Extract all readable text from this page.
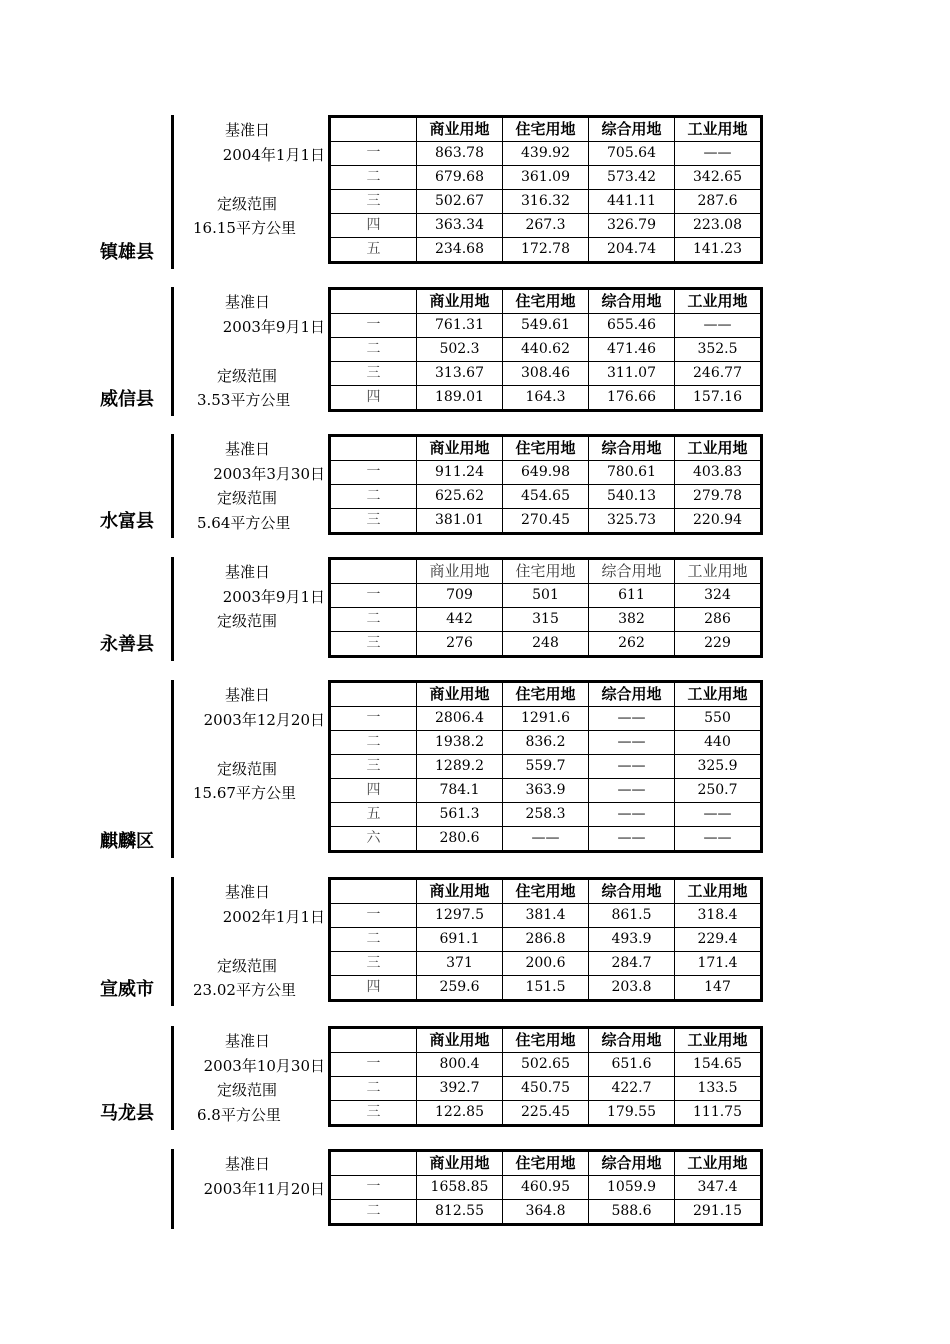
镇雄县
基准日
2004年1月1日
定级范围
16.15平方公里
	商业用地	住宅用地	综合用地	工业用地
一	863.78	439.92	705.64	——
二	679.68	361.09	573.42	342.65
三	502.67	316.32	441.11	287.6
四	363.34	267.3	326.79	223.08
五	234.68	172.78	204.74	141.23
威信县
基准日
2003年9月1日
定级范围
3.53平方公里
	商业用地	住宅用地	综合用地	工业用地
一	761.31	549.61	655.46	——
二	502.3	440.62	471.46	352.5
三	313.67	308.46	311.07	246.77
四	189.01	164.3	176.66	157.16
水富县
基准日
2003年3月30日
定级范围
5.64平方公里
	商业用地	住宅用地	综合用地	工业用地
一	911.24	649.98	780.61	403.83
二	625.62	454.65	540.13	279.78
三	381.01	270.45	325.73	220.94
永善县
基准日
2003年9月1日
定级范围
	商业用地	住宅用地	综合用地	工业用地
一	709	501	611	324
二	442	315	382	286
三	276	248	262	229
麒麟区
基准日
2003年12月20日
定级范围
15.67平方公里
	商业用地	住宅用地	综合用地	工业用地
一	2806.4	1291.6	——	550
二	1938.2	836.2	——	440
三	1289.2	559.7	——	325.9
四	784.1	363.9	——	250.7
五	561.3	258.3	——	——
六	280.6	——	——	——
宣威市
基准日
2002年1月1日
定级范围
23.02平方公里
	商业用地	住宅用地	综合用地	工业用地
一	1297.5	381.4	861.5	318.4
二	691.1	286.8	493.9	229.4
三	371	200.6	284.7	171.4
四	259.6	151.5	203.8	147
马龙县
基准日
2003年10月30日
定级范围
6.8平方公里
	商业用地	住宅用地	综合用地	工业用地
一	800.4	502.65	651.6	154.65
二	392.7	450.75	422.7	133.5
三	122.85	225.45	179.55	111.75
基准日
2003年11月20日
	商业用地	住宅用地	综合用地	工业用地
一	1658.85	460.95	1059.9	347.4
二	812.55	364.8	588.6	291.15
